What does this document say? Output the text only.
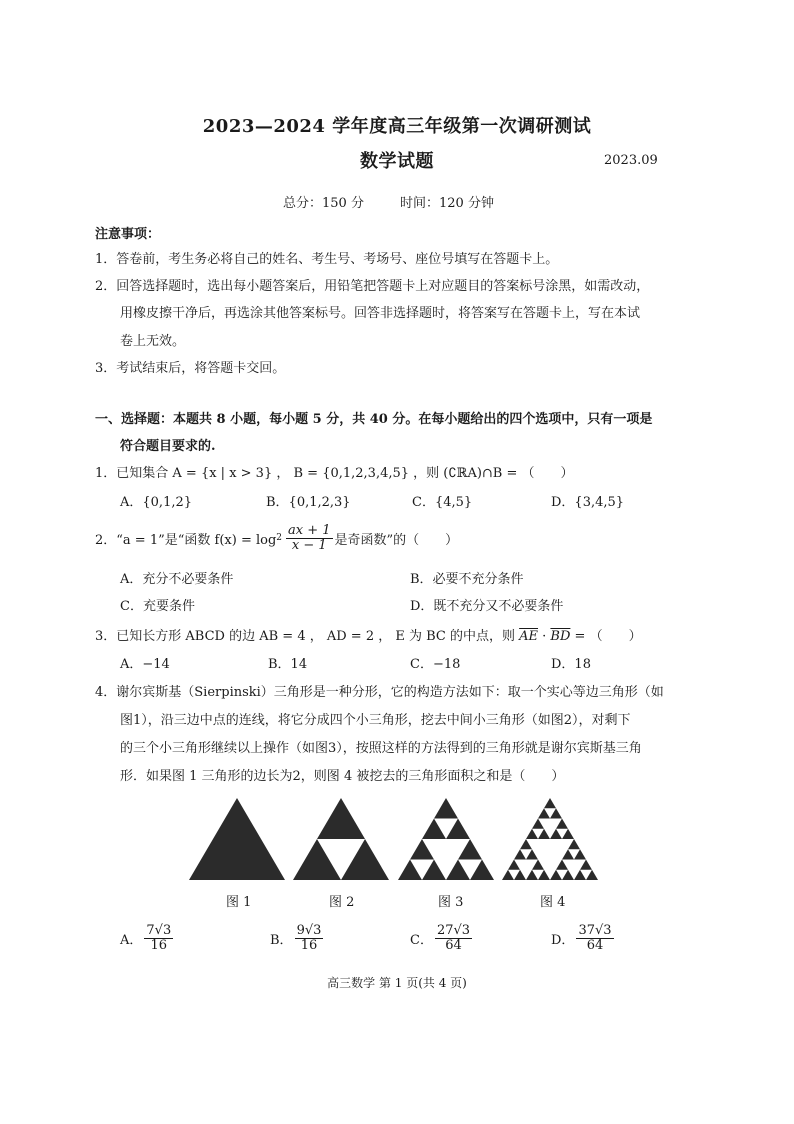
2023—2024 学年度高三年级第一次调研测试
数学试题	2023.09
总分：150 分	时间：120 分钟
注意事项：
1．答卷前，考生务必将自己的姓名、考生号、考场号、座位号填写在答题卡上。
2．回答选择题时，选出每小题答案后，用铅笔把答题卡上对应题目的答案标号涂黑，如需改动，
用橡皮擦干净后，再选涂其他答案标号。回答非选择题时，将答案写在答题卡上，写在本试
卷上无效。
3．考试结束后，将答题卡交回。
一、选择题：本题共 8 小题，每小题 5 分，共 40 分。在每小题给出的四个选项中，只有一项是
符合题目要求的.
1．已知集合 A = {x | x > 3} ， B = {0,1,2,3,4,5} ，则 (∁ℝA)∩B = （　　）
A．{0,1,2}	B．{0,1,2,3}	C．{4,5}	D．{3,4,5}
2．“a = 1”是“函数 $f(x) = \log 2 \frac{ax + 1}{x - 1}$ 是奇函数”的（　　）
A．充分不必要条件	B．必要不充分条件
C．充要条件	D．既不充分又不必要条件
3．已知长方形 ABCD 的边 AB = 4 ， AD = 2 ， E 为 BC 的中点，则 $\overline{AE} \cdot \overline{BD}$ = （　　）
A．−14	B．14	C．−18	D．18
4．谢尔宾斯基（Sierpinski）三角形是一种分形，它的构造方法如下：取一个实心等边三角形（如
图1），沿三边中点的连线，将它分成四个小三角形，挖去中间小三角形（如图2），对剩下
的三个小三角形继续以上操作（如图3），按照这样的方法得到的三角形就是谢尔宾斯基三角
形．如果图 1 三角形的边长为2，则图 4 被挖去的三角形面积之和是（　　）
图 1	图 2	图 3	图 4
A． $\frac{7√3}{16}$	B． $\frac{9√3}{16}$	C． $\frac{27√3}{64}$	D． $\frac{37√3}{64}$
高三数学 第 1 页(共 4 页)
